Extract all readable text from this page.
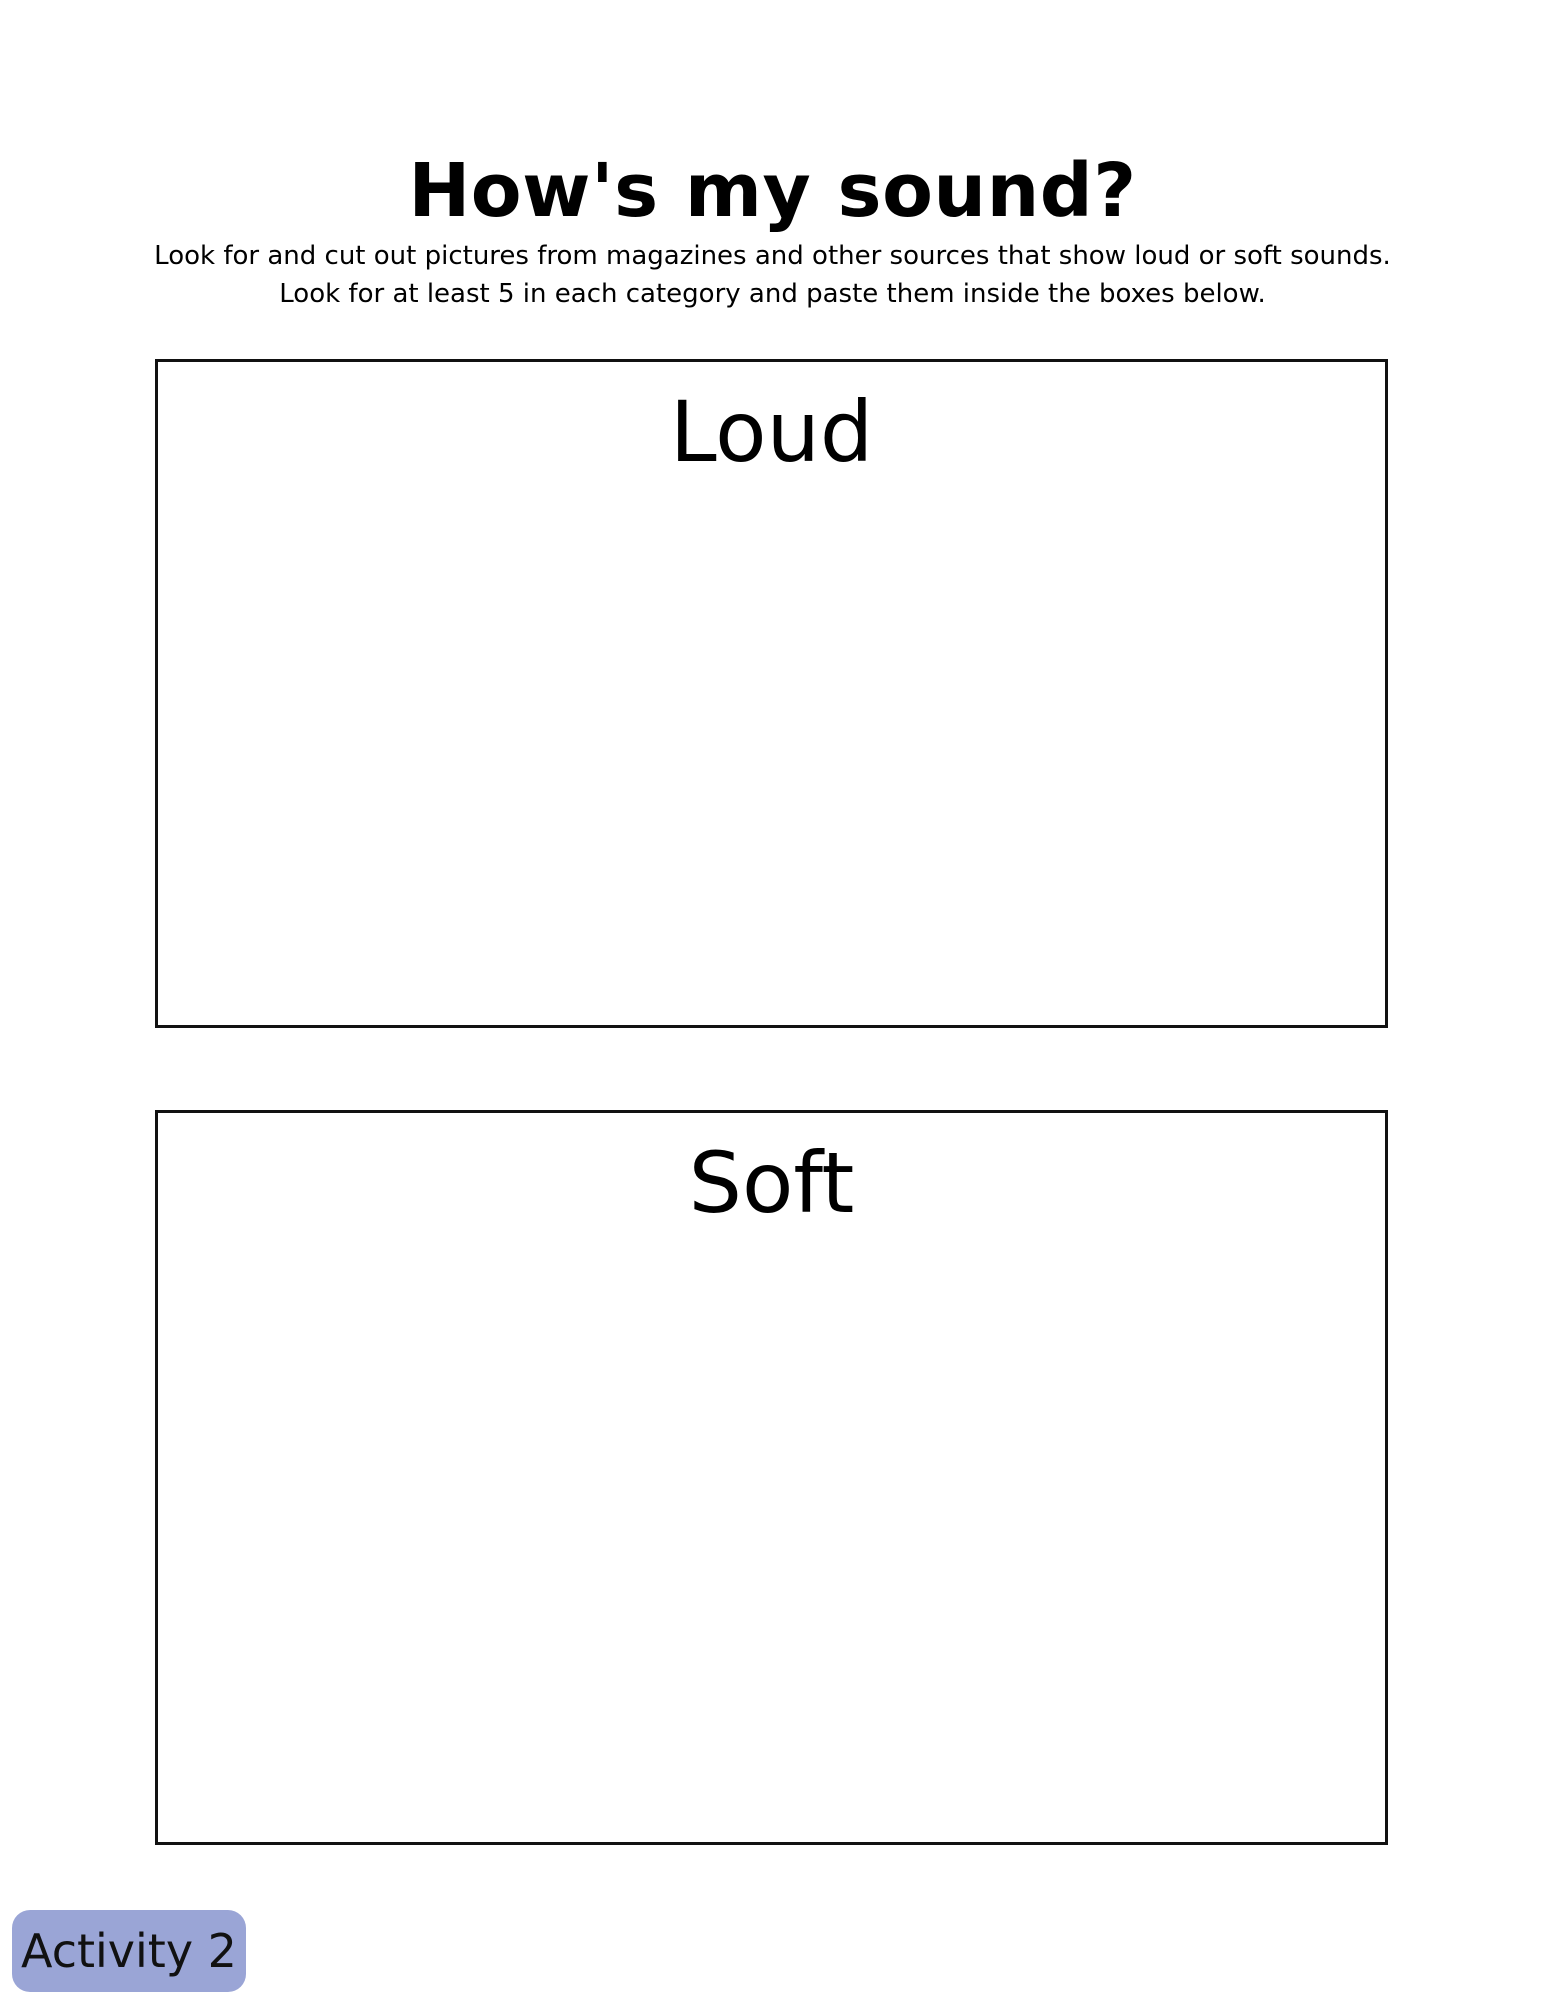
How's my sound?

Look for and cut out pictures from magazines and other sources that show loud or soft sounds. Look for at least 5 in each category and paste them inside the boxes below.

Loud
Soft
Activity 2
